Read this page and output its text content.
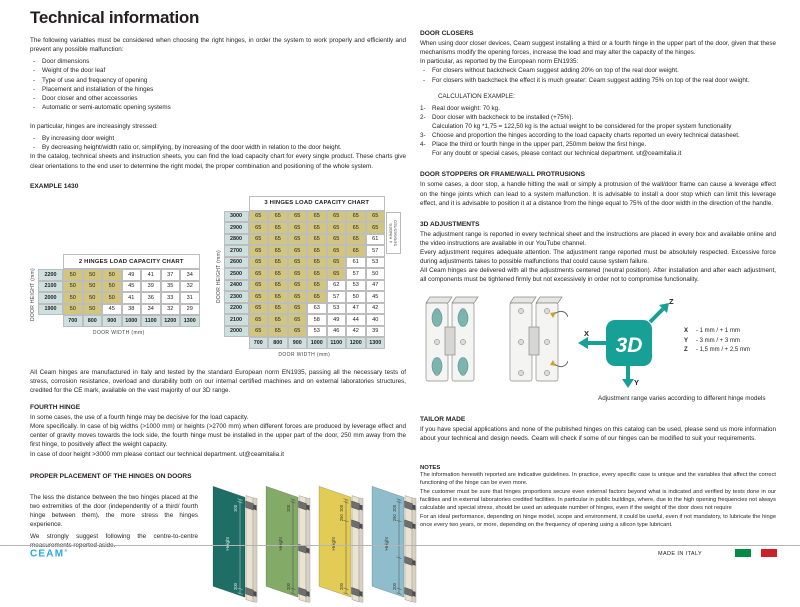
Technical information

The following variables must be considered when choosing the right hinges, in order the system to work properly and efficiently and prevent any possible malfunction:

-	Door dimensions
-	Weight of the door leaf
-	Type of use and frequency of opening
-	Placement and installation of the hinges
-	Door closer and other accessories
-	Automatic or semi-automatic opening systems

In particular, hinges are increasingly stressed:

-	By increasing door weight
-	By decreasing height/width ratio or, simplifying, by increasing of the door width in relation to the door height.

In the catalog, technical sheets and instruction sheets, you can find the load capacity chart for every single product. These charts give clear orientations to the end user to determine the right model, the proper combination and positioning of the whole system.

EXAMPLE 1430
DOOR HEIGHT (mm)
2 HINGES LOAD CAPACITY CHART
2200	50	50	50	49	41	37	34
2100	50	50	50	45	39	35	32
2000	50	50	50	41	36	33	31
1900	50	50	45	38	34	32	29
700	800	900	1000	1100	1200	1300
DOOR WIDTH (mm)
DOOR HEIGHT (mm)
3 HINGES LOAD CAPACITY CHART
3000	65	65	65	65	65	65	65
2900	65	65	65	65	65	65	65
2800	65	65	65	65	65	65	61
2700	65	65	65	65	65	65	57
2600	65	65	65	65	65	61	53
2500	65	65	65	65	65	57	50
2400	65	65	65	65	62	53	47
2300	65	65	65	65	57	50	45
2200	65	65	65	63	53	47	42
2100	65	65	65	58	49	44	40
2000	65	65	65	53	46	42	39
700	800	900	1000	1100	1200	1300
DOOR WIDTH (mm)
4 HINGES SUGGESTED

All Ceam hinges are manufactured in Italy and tested by the standard European norm EN1935, passing all the necessary tests of stress, corrosion resistance, overload and durability both on our internal certified machines and on external laboratories structures, credited for the CE mark, available on the vast majority of our 3D range.

FOURTH HINGE

In some cases, the use of a fourth hinge may be decisive for the load capacity.

More specifically. In case of big widths (>1000 mm) or heights (>2700 mm) when different forces are produced by leverage effect and center of gravity moves towards the lock side, the fourth hinge must be installed in the upper part of the door, 250 mm away from the first hinge, to positively affect the weight capacity.

In case of door height >3000 mm please contact our technical department. ut@ceamitalia.it

PROPER PLACEMENT OF THE HINGES ON DOORS

The less the distance between the two hinges placed at the two extremities of the door (independently of a third/ fourth hinge between them), the more stress the hinges experience.

We strongly suggest following the centre-to-centre measurements reported aside.

200
Height
200
200
Height
200
200
250
Height
200
200
250
Height
200
DOOR CLOSERS

When using door closer devices, Ceam suggest installing a third or a fourth hinge in the upper part of the door, given that these mechanisms modify the opening forces, increase the load and may alter the capacity of the hinges.

In particular, as reported by the European norm EN1935:

-	For closers without backcheck Ceam suggest adding 20% on top of the real door weight.
-	For closers with backcheck the effect it is much greater: Ceam suggest adding 75% on top of the real door weight.
CALCULATION EXAMPLE:
1-	Real door weight: 70 kg.
2-	Door closer with backcheck to be installed (+75%).
Calculation 70 kg *1,75 = 122,50 kg is the actual weight to be considered for the proper system functionality
3-	Choose and proportion the hinges according to the load capacity charts reported un every technical datasheet.
4-	Place the third or fourth hinge in the upper part, 250mm below the first hinge.
For any doubt or special cases, please contact our technical department. ut@ceamitalia.it
DOOR STOPPERS OR FRAME/WALL PROTRUSIONS

In some cases, a door stop, a handle hitting the wall or simply a protrusion of the wall/door frame can cause a leverage effect on the hinge joints which can lead to a system malfunction. It is advisable to install a door stop which can limit this leverage effect, and it is advisable to position it at a distance from the hinge equal to 75% of the door width in the direction of the handle.

3D ADJUSTMENTS

The adjustment range is reported in every technical sheet and the instructions are placed in every box and available online and the video instructions are available in our YouTube channel.

Every adjustment requires adequate attention. The adjustment range reported must be absolutely respected. Excessive force during adjustments takes to possible malfunctions that could cause system failure.

All Ceam hinges are delivered with all the adjustments centered (neutral position). After installation and after each adjustment, all components must be tightened firmly but not excessively in order not to compromise functionality.

3D
X
Y
Z
X	- 1 mm / + 1 mm
Y	- 3 mm / + 3 mm
Z	- 1,5 mm / + 2,5 mm
Adjustment range varies according to different hinge models
TAILOR MADE

If you have special applications and none of the published hinges on this catalog can be used, please send us more information about your technical and design needs. Ceam will check if some of our hinges can be modified to suit your requirements.

NOTES

The information herewith reported are indicative guidelines. In practice, every specific case is unique and the variables that affect the correct functioning of the hinge can be even more.

The customer must be sure that hinges proportions secure even external factors beyond what is indicated and verified by tests done in our facilities and in external laboratories credited facilities. In particular in public buildings, where, due to the high opening frequencies not always calculable and special stress, should be used an adequate number of hinges, even if the weight of the door does not require

For an ideal performance, depending on hinge model, scope and environment, it could be useful, even if not mandatory, to lubricate the hinge once every two years, or more, depending on the frequency of opening using a silicon type lubricant.

CEAM®
MADE IN ITALY
